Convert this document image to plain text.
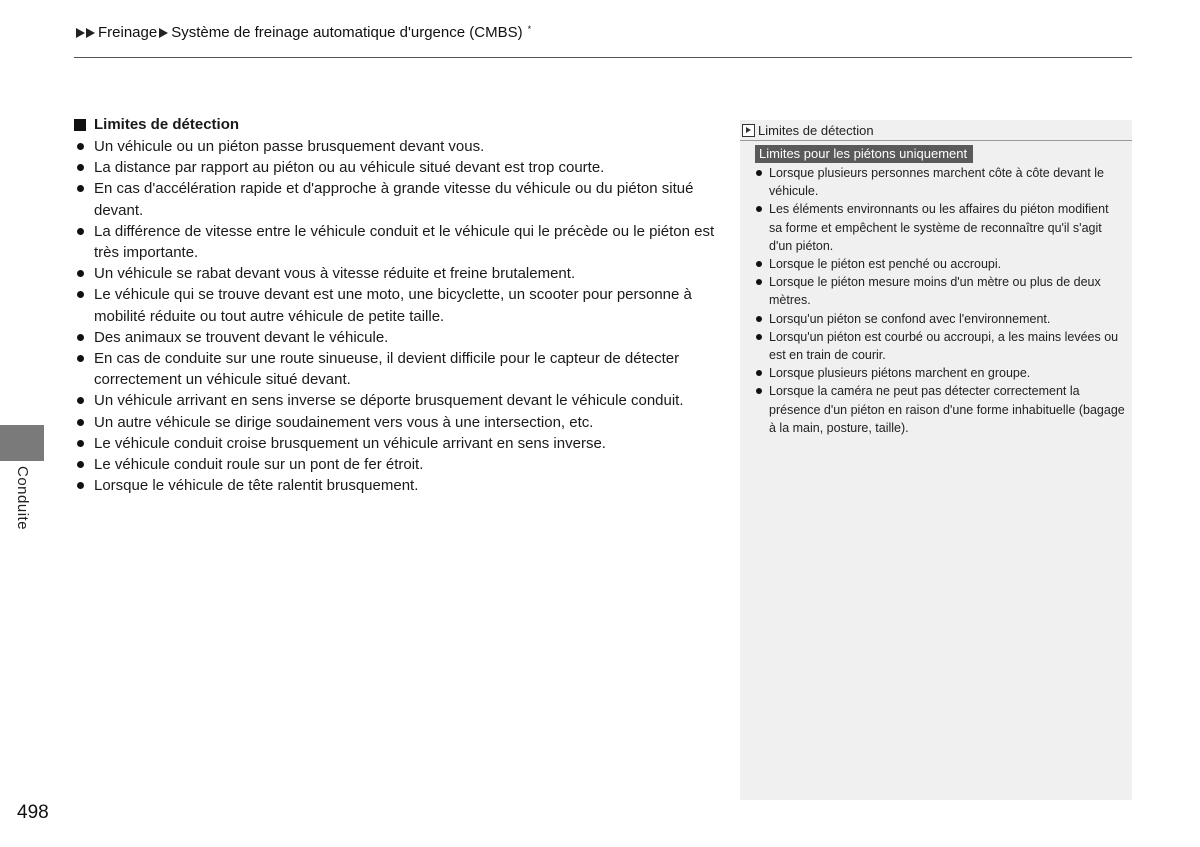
Freinage Système de freinage automatique d'urgence (CMBS) *
Limites de détection
Un véhicule ou un piéton passe brusquement devant vous.
La distance par rapport au piéton ou au véhicule situé devant est trop courte.
En cas d'accélération rapide et d'approche à grande vitesse du véhicule ou du piéton situé devant.
La différence de vitesse entre le véhicule conduit et le véhicule qui le précède ou le piéton est très importante.
Un véhicule se rabat devant vous à vitesse réduite et freine brutalement.
Le véhicule qui se trouve devant est une moto, une bicyclette, un scooter pour personne à mobilité réduite ou tout autre véhicule de petite taille.
Des animaux se trouvent devant le véhicule.
En cas de conduite sur une route sinueuse, il devient difficile pour le capteur de détecter correctement un véhicule situé devant.
Un véhicule arrivant en sens inverse se déporte brusquement devant le véhicule conduit.
Un autre véhicule se dirige soudainement vers vous à une intersection, etc.
Le véhicule conduit croise brusquement un véhicule arrivant en sens inverse.
Le véhicule conduit roule sur un pont de fer étroit.
Lorsque le véhicule de tête ralentit brusquement.
Limites de détection
Limites pour les piétons uniquement
Lorsque plusieurs personnes marchent côte à côte devant le véhicule.
Les éléments environnants ou les affaires du piéton modifient sa forme et empêchent le système de reconnaître qu'il s'agit d'un piéton.
Lorsque le piéton est penché ou accroupi.
Lorsque le piéton mesure moins d'un mètre ou plus de deux mètres.
Lorsqu'un piéton se confond avec l'environnement.
Lorsqu'un piéton est courbé ou accroupi, a les mains levées ou est en train de courir.
Lorsque plusieurs piétons marchent en groupe.
Lorsque la caméra ne peut pas détecter correctement la présence d'un piéton en raison d'une forme inhabituelle (bagage à la main, posture, taille).
Conduite
498
